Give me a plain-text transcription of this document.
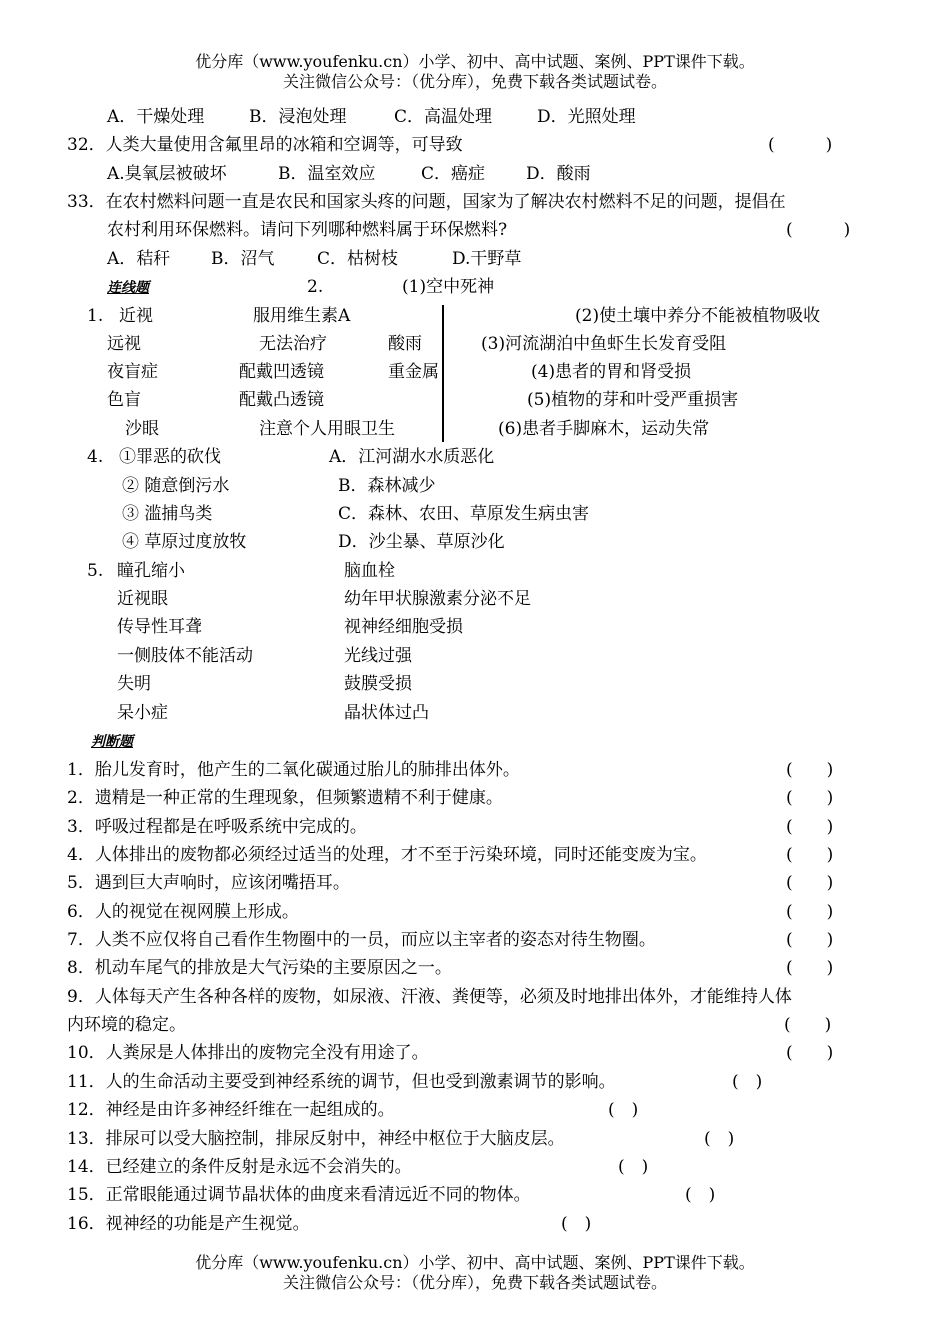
优分库（www.youfenku.cn）小学、初中、高中试题、案例、PPT课件下载。
关注微信公众号：（优分库），免费下载各类试题试卷。
A．干燥处理	B．浸泡处理	C．高温处理	D．光照处理
32．人类大量使用含氟里昂的冰箱和空调等，可导致	(　　　)
A.臭氧层被破坏	B．温室效应	C．癌症 D．酸雨
33．在农村燃料问题一直是农民和国家头疼的问题，国家为了解决农村燃料不足的问题，提倡在
农村利用环保燃料。请问下列哪种燃料属于环保燃料?	(　　　)
A．秸秆 B．沼气	C．枯树枝	D.干野草
连线题	2.	(1)空中死神
1. 近视	服用维生素A	(2)使土壤中养分不能被植物吸收
远视	无法治疗	酸雨	(3)河流湖泊中鱼虾生长发育受阻
夜盲症	配戴凹透镜	重金属	(4)患者的胃和肾受损
色盲	配戴凸透镜	(5)植物的芽和叶受严重损害
沙眼	注意个人用眼卫生	(6)患者手脚麻木，运动失常
4. ①罪恶的砍伐	A．江河湖水水质恶化
② 随意倒污水	B．森林减少
③ 滥捕鸟类	C．森林、农田、草原发生病虫害
④ 草原过度放牧	D．沙尘暴、草原沙化
5. 瞳孔缩小	脑血栓
近视眼	幼年甲状腺激素分泌不足
传导性耳聋	视神经细胞受损
一侧肢体不能活动	光线过强
失明	鼓膜受损
呆小症	晶状体过凸
判断题
1．胎儿发育时，他产生的二氧化碳通过胎儿的肺排出体外。	(　　)
2．遗精是一种正常的生理现象，但频繁遗精不利于健康。	(　　)
3．呼吸过程都是在呼吸系统中完成的。	(　　)
4．人体排出的废物都必须经过适当的处理，才不至于污染环境，同时还能变废为宝。	(　　)
5．遇到巨大声响时，应该闭嘴捂耳。	(　　)
6．人的视觉在视网膜上形成。	(　　)
7．人类不应仅将自己看作生物圈中的一员，而应以主宰者的姿态对待生物圈。	(　　)
8．机动车尾气的排放是大气污染的主要原因之一。	(　　)
9．人体每天产生各种各样的废物，如尿液、汗液、粪便等，必须及时地排出体外，才能维持人体
内环境的稳定。	(　　)
10．人粪尿是人体排出的废物完全没有用途了。	(　　)
11．人的生命活动主要受到神经系统的调节，但也受到激素调节的影响。	(　)
12．神经是由许多神经纤维在一起组成的。	(　)
13．排尿可以受大脑控制，排尿反射中，神经中枢位于大脑皮层。	(　)
14．已经建立的条件反射是永远不会消失的。	(　)
15．正常眼能通过调节晶状体的曲度来看清远近不同的物体。	(　)
16．视神经的功能是产生视觉。	(　)
优分库（www.youfenku.cn）小学、初中、高中试题、案例、PPT课件下载。
关注微信公众号：（优分库），免费下载各类试题试卷。
